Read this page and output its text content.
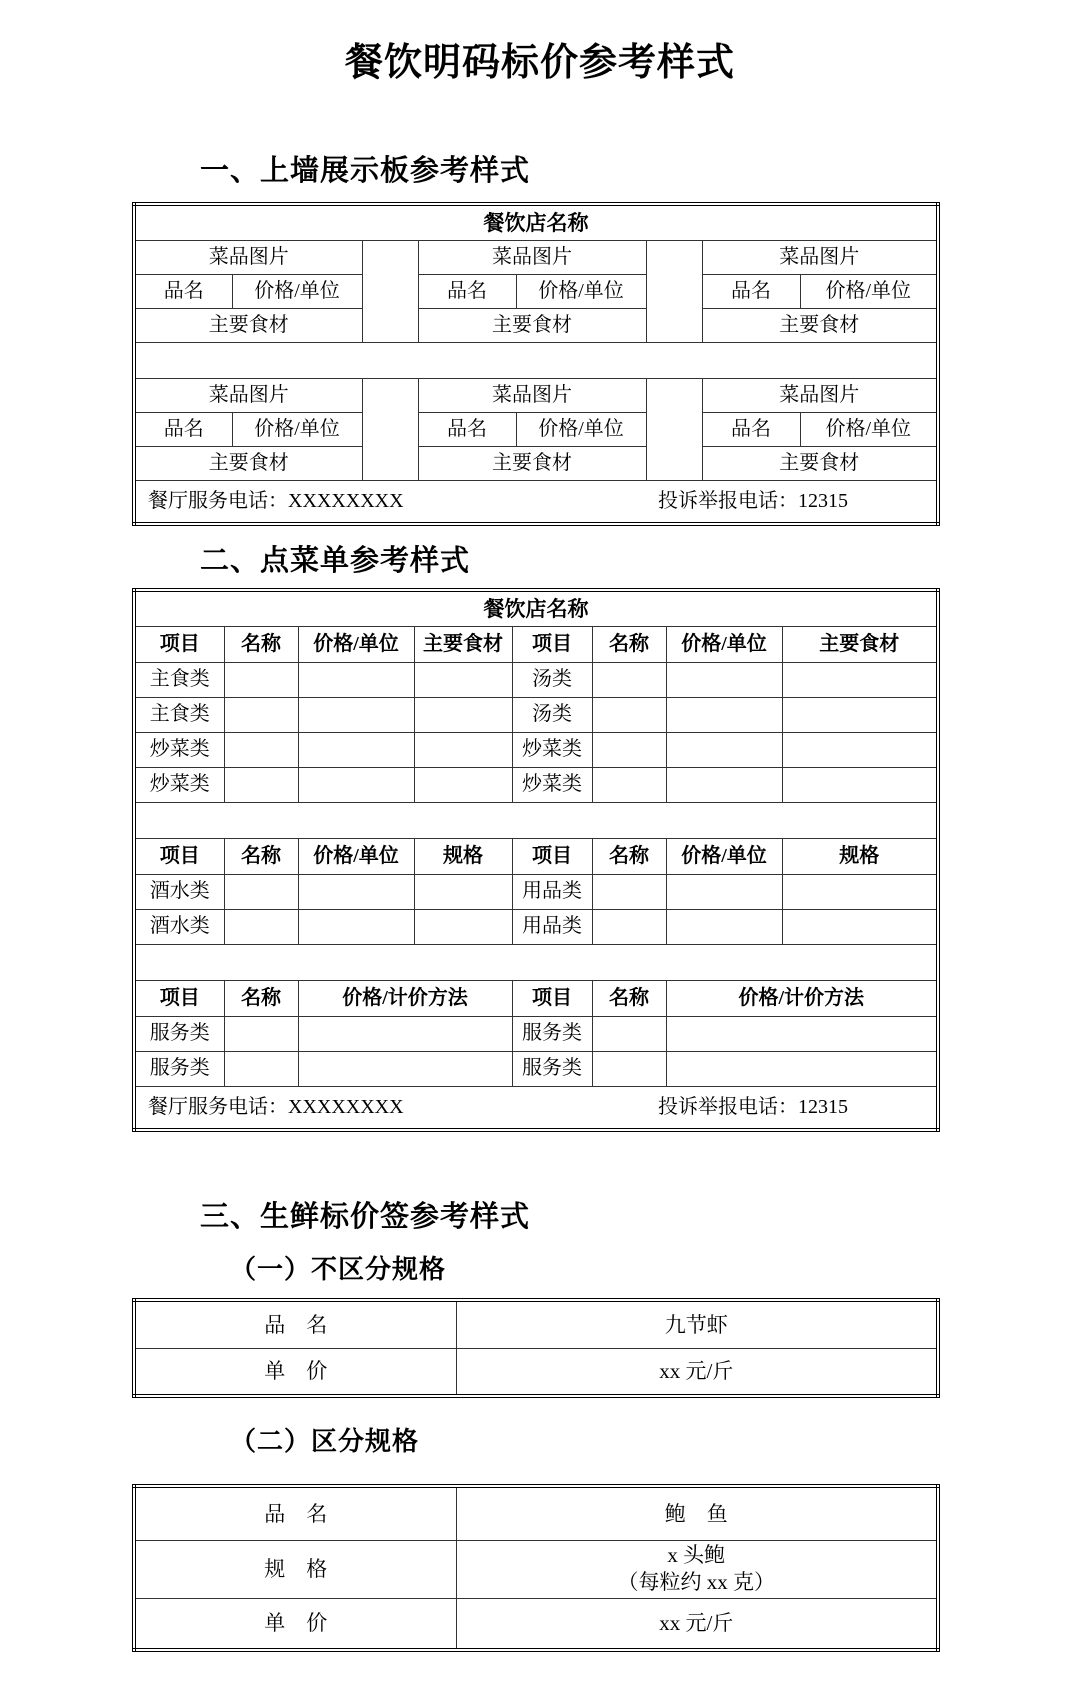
餐饮明码标价参考样式
一、上墙展示板参考样式
餐饮店名称							
菜品图片			菜品图片			菜品图片	
品名	价格/单位		品名	价格/单位		品名	价格/单位
主要食材			主要食材			主要食材	

菜品图片			菜品图片			菜品图片	
品名	价格/单位		品名	价格/单位		品名	价格/单位
主要食材			主要食材			主要食材	

餐厅服务电话：XXXXXXXX 投诉举报电话：12315							
二、点菜单参考样式
餐饮店名称							
项目	名称	价格/单位	主要食材	项目	名称	价格/单位	主要食材
主食类				汤类			
主食类				汤类			
炒菜类				炒菜类			
炒菜类				炒菜类			

项目	名称	价格/单位	规格	项目	名称	价格/单位	规格
酒水类				用品类			
酒水类				用品类			

项目	名称	价格/计价方法		项目	名称	价格/计价方法	
服务类				服务类			
服务类				服务类			

餐厅服务电话：XXXXXXXX 投诉举报电话：12315							
三、生鲜标价签参考样式
（一）不区分规格
品　名	九节虾
单　价	xx 元/斤
（二）区分规格
品　名	鲍　鱼
规　格	x 头鲍
（每粒约 xx 克）

单　价	xx 元/斤
